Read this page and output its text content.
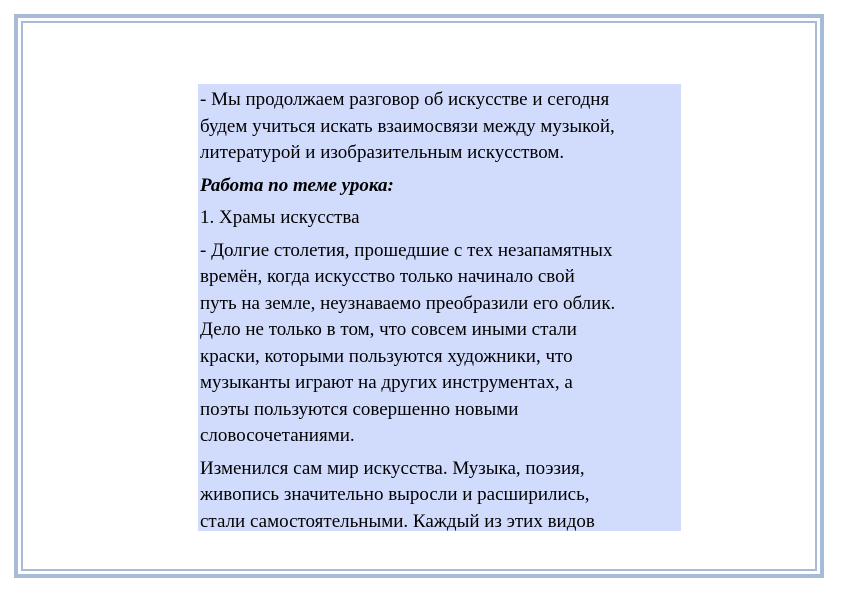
- Мы продолжаем разговор об искусстве и сегодня
будем учиться искать взаимосвязи между музыкой,
литературой и изобразительным искусством.

Работа по теме урока:

1. Храмы искусства

- Долгие столетия, прошедшие с тех незапамятных
времён, когда искусство только начинало свой
путь на земле, неузнаваемо преобразили его облик.
Дело не только в том, что совсем иными стали
краски, которыми пользуются художники, что
музыканты играют на других инструментах, а
поэты пользуются совершенно новыми
словосочетаниями.

Изменился сам мир искусства. Музыка, поэзия,
живопись значительно выросли и расширились,
стали самостоятельными. Каждый из этих видов
